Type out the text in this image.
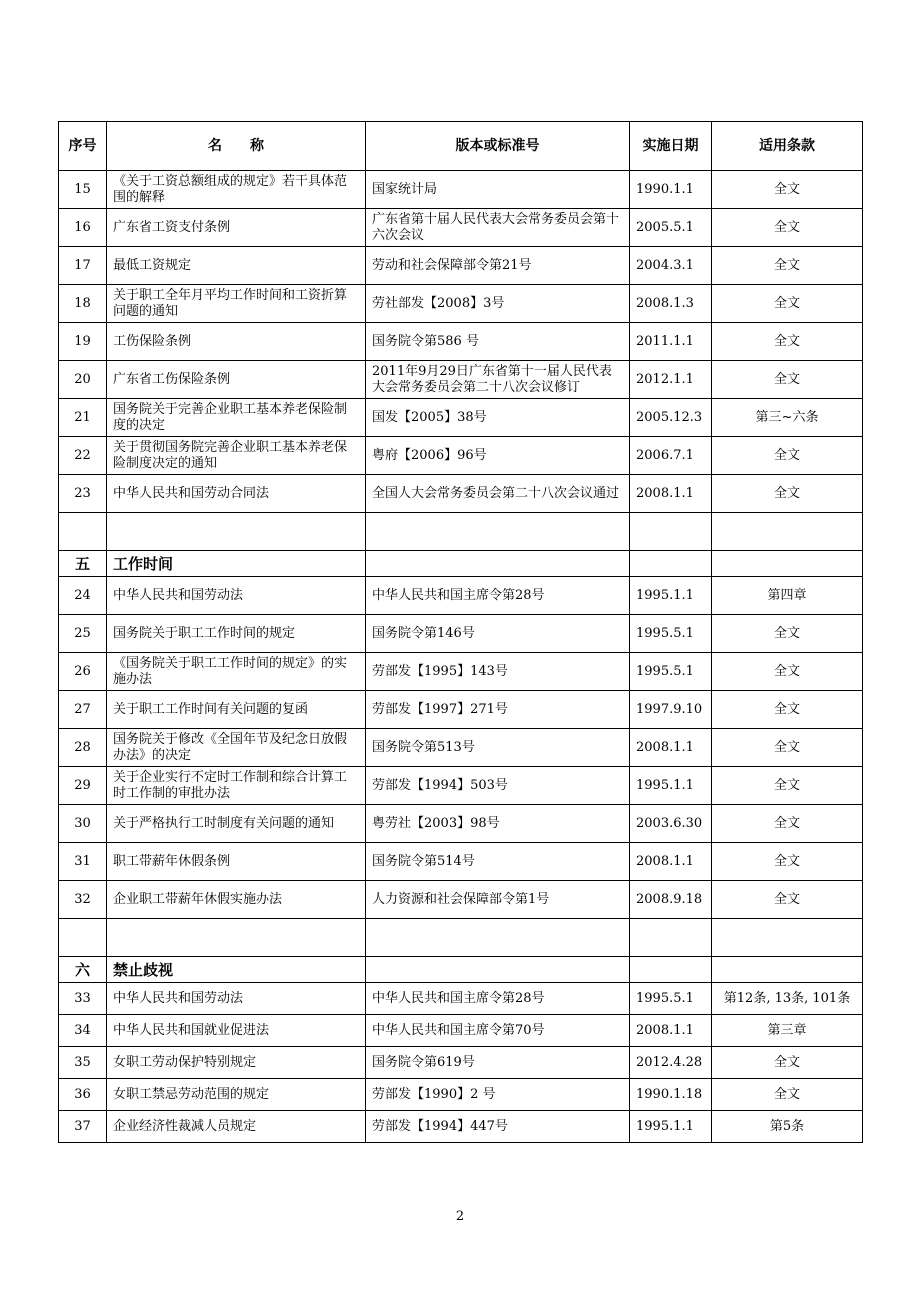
序号	名　　称	版本或标准号	实施日期	适用条款
15	《关于工资总额组成的规定》若干具体范围的解释	国家统计局	1990.1.1	全文
16	广东省工资支付条例	广东省第十届人民代表大会常务委员会第十六次会议	2005.5.1	全文
17	最低工资规定	劳动和社会保障部令第21号	2004.3.1	全文
18	关于职工全年月平均工作时间和工资折算问题的通知	劳社部发【2008】3号	2008.1.3	全文
19	工伤保险条例	国务院令第586 号	2011.1.1	全文
20	广东省工伤保险条例	2011年9月29日广东省第十一届人民代表大会常务委员会第二十八次会议修订	2012.1.1	全文
21	国务院关于完善企业职工基本养老保险制度的决定	国发【2005】38号	2005.12.3	第三~六条
22	关于贯彻国务院完善企业职工基本养老保险制度决定的通知	粤府【2006】96号	2006.7.1	全文
23	中华人民共和国劳动合同法	全国人大会常务委员会第二十八次会议通过	2008.1.1	全文

五	工作时间			
24	中华人民共和国劳动法	中华人民共和国主席令第28号	1995.1.1	第四章
25	国务院关于职工工作时间的规定	国务院令第146号	1995.5.1	全文
26	《国务院关于职工工作时间的规定》的实施办法	劳部发【1995】143号	1995.5.1	全文
27	关于职工工作时间有关问题的复函	劳部发【1997】271号	1997.9.10	全文
28	国务院关于修改《全国年节及纪念日放假办法》的决定	国务院令第513号	2008.1.1	全文
29	关于企业实行不定时工作制和综合计算工时工作制的审批办法	劳部发【1994】503号	1995.1.1	全文
30	关于严格执行工时制度有关问题的通知	粤劳社【2003】98号	2003.6.30	全文
31	职工带薪年休假条例	国务院令第514号	2008.1.1	全文
32	企业职工带薪年休假实施办法	人力资源和社会保障部令第1号	2008.9.18	全文

六	禁止歧视			
33	中华人民共和国劳动法	中华人民共和国主席令第28号	1995.5.1	第12条, 13条, 101条
34	中华人民共和国就业促进法	中华人民共和国主席令第70号	2008.1.1	第三章
35	女职工劳动保护特别规定	国务院令第619号	2012.4.28	全文
36	女职工禁忌劳动范围的规定	劳部发【1990】2 号	1990.1.18	全文
37	企业经济性裁减人员规定	劳部发【1994】447号	1995.1.1	第5条
2
